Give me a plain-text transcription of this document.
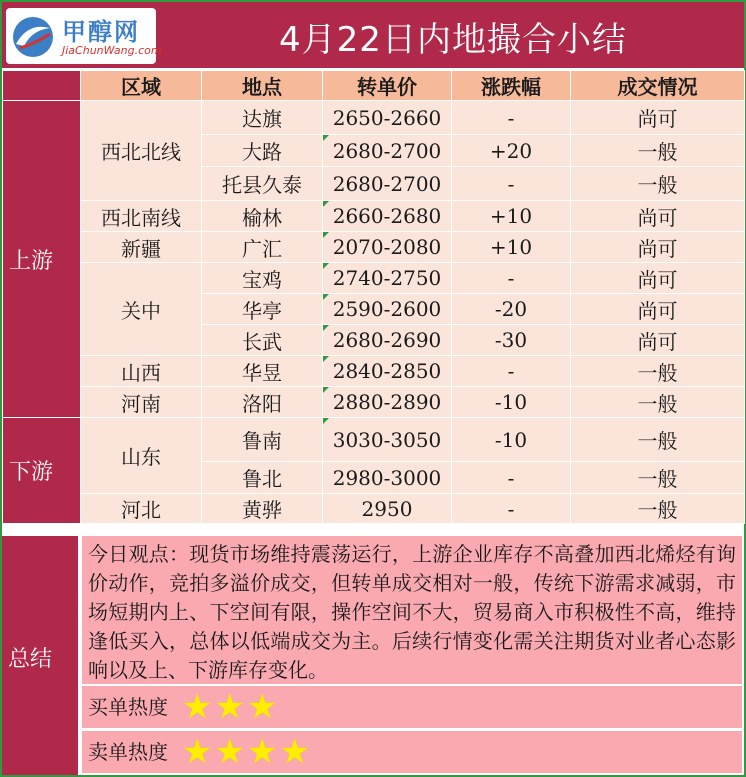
甲醇网
JiaChunWang.com	4月22日内地撮合小结
	区域	地点	转单价	涨跌幅	成交情况
上游	西北北线	达旗	2650-2660	-	尚可
		大路	2680-2700	+20	一般
		托县久泰	2680-2700	-	一般
	西北南线	榆林	2660-2680	+10	尚可
	新疆	广汇	2070-2080	+10	尚可
	关中	宝鸡	2740-2750	-	尚可
		华亭	2590-2600	-20	尚可
		长武	2680-2690	-30	尚可
	山西	华昱	2840-2850	-	一般
	河南	洛阳	2880-2890	-10	一般
下游	山东	鲁南	3030-3050	-10	一般
		鲁北	2980-3000	-	一般
	河北	黄骅	2950	-	一般
总结
今日观点：现货市场维持震荡运行，上游企业库存不高叠加西北烯烃有询价动作，竞拍多溢价成交，但转单成交相对一般，传统下游需求减弱，市场短期内上、下空间有限，操作空间不大，贸易商入市积极性不高，维持逢低买入，总体以低端成交为主。后续行情变化需关注期货对业者心态影响以及上、下游库存变化。
买单热度 ★★★
卖单热度 ★★★★
